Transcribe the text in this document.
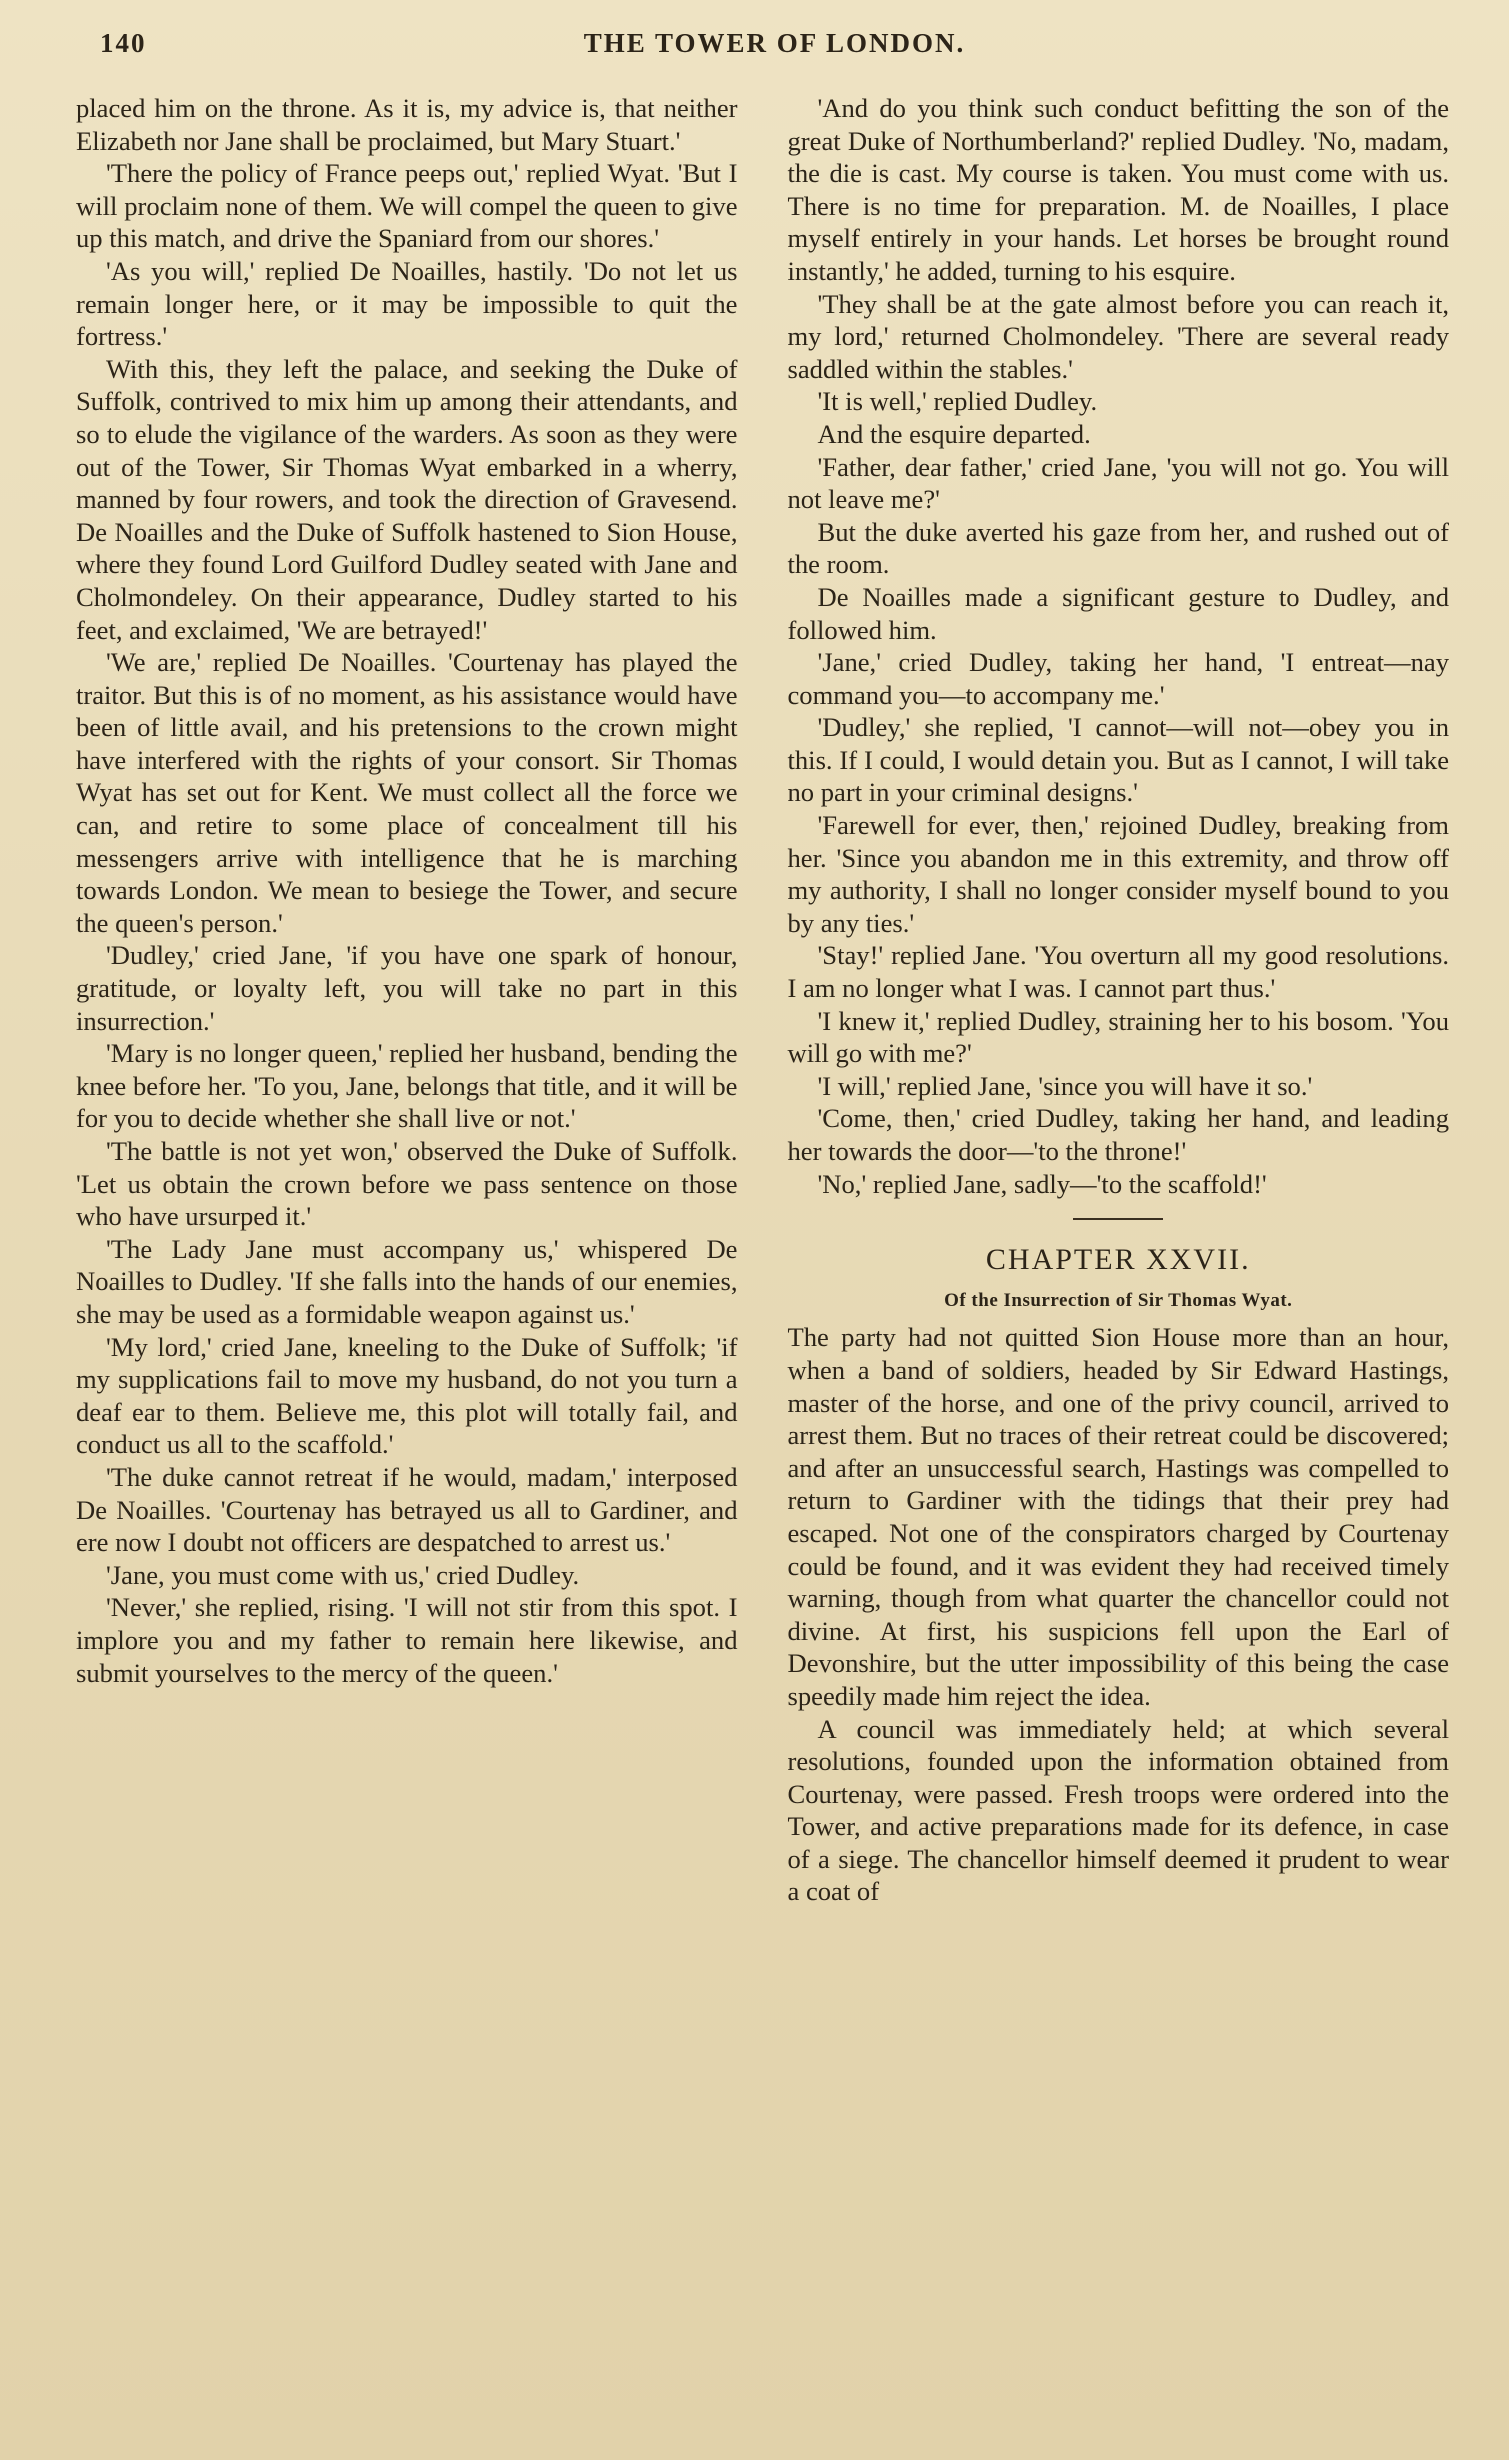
140	THE TOWER OF LONDON.

placed him on the throne. As it is, my advice is, that neither Elizabeth nor Jane shall be proclaimed, but Mary Stuart.'

'There the policy of France peeps out,' replied Wyat. 'But I will proclaim none of them. We will compel the queen to give up this match, and drive the Spaniard from our shores.'

'As you will,' replied De Noailles, hastily. 'Do not let us remain longer here, or it may be impossible to quit the fortress.'

With this, they left the palace, and seeking the Duke of Suffolk, contrived to mix him up among their attendants, and so to elude the vigilance of the warders. As soon as they were out of the Tower, Sir Thomas Wyat embarked in a wherry, manned by four rowers, and took the direction of Gravesend. De Noailles and the Duke of Suffolk hastened to Sion House, where they found Lord Guilford Dudley seated with Jane and Cholmondeley. On their appearance, Dudley started to his feet, and exclaimed, 'We are betrayed!'

'We are,' replied De Noailles. 'Courtenay has played the traitor. But this is of no moment, as his assistance would have been of little avail, and his pretensions to the crown might have interfered with the rights of your consort. Sir Thomas Wyat has set out for Kent. We must collect all the force we can, and retire to some place of concealment till his messengers arrive with intelligence that he is marching towards London. We mean to besiege the Tower, and secure the queen's person.'

'Dudley,' cried Jane, 'if you have one spark of honour, gratitude, or loyalty left, you will take no part in this insurrection.'

'Mary is no longer queen,' replied her husband, bending the knee before her. 'To you, Jane, belongs that title, and it will be for you to decide whether she shall live or not.'

'The battle is not yet won,' observed the Duke of Suffolk. 'Let us obtain the crown before we pass sentence on those who have ursurped it.'

'The Lady Jane must accompany us,' whispered De Noailles to Dudley. 'If she falls into the hands of our enemies, she may be used as a formidable weapon against us.'

'My lord,' cried Jane, kneeling to the Duke of Suffolk; 'if my supplications fail to move my husband, do not you turn a deaf ear to them. Believe me, this plot will totally fail, and conduct us all to the scaffold.'

'The duke cannot retreat if he would, madam,' interposed De Noailles. 'Courtenay has betrayed us all to Gardiner, and ere now I doubt not officers are despatched to arrest us.'

'Jane, you must come with us,' cried Dudley.

'Never,' she replied, rising. 'I will not stir from this spot. I implore you and my father to remain here likewise, and submit yourselves to the mercy of the queen.'

'And do you think such conduct befitting the son of the great Duke of Northumberland?' replied Dudley. 'No, madam, the die is cast. My course is taken. You must come with us. There is no time for preparation. M. de Noailles, I place myself entirely in your hands. Let horses be brought round instantly,' he added, turning to his esquire.

'They shall be at the gate almost before you can reach it, my lord,' returned Cholmondeley. 'There are several ready saddled within the stables.'

'It is well,' replied Dudley.

And the esquire departed.

'Father, dear father,' cried Jane, 'you will not go. You will not leave me?'

But the duke averted his gaze from her, and rushed out of the room.

De Noailles made a significant gesture to Dudley, and followed him.

'Jane,' cried Dudley, taking her hand, 'I entreat—nay command you—to accompany me.'

'Dudley,' she replied, 'I cannot—will not—obey you in this. If I could, I would detain you. But as I cannot, I will take no part in your criminal designs.'

'Farewell for ever, then,' rejoined Dudley, breaking from her. 'Since you abandon me in this extremity, and throw off my authority, I shall no longer consider myself bound to you by any ties.'

'Stay!' replied Jane. 'You overturn all my good resolutions. I am no longer what I was. I cannot part thus.'

'I knew it,' replied Dudley, straining her to his bosom. 'You will go with me?'

'I will,' replied Jane, 'since you will have it so.'

'Come, then,' cried Dudley, taking her hand, and leading her towards the door—'to the throne!'

'No,' replied Jane, sadly—'to the scaffold!'

CHAPTER XXVII.
Of the Insurrection of Sir Thomas Wyat.

The party had not quitted Sion House more than an hour, when a band of soldiers, headed by Sir Edward Hastings, master of the horse, and one of the privy council, arrived to arrest them. But no traces of their retreat could be discovered; and after an unsuccessful search, Hastings was compelled to return to Gardiner with the tidings that their prey had escaped. Not one of the conspirators charged by Courtenay could be found, and it was evident they had received timely warning, though from what quarter the chancellor could not divine. At first, his suspicions fell upon the Earl of Devonshire, but the utter impossibility of this being the case speedily made him reject the idea.

A council was immediately held; at which several resolutions, founded upon the information obtained from Courtenay, were passed. Fresh troops were ordered into the Tower, and active preparations made for its defence, in case of a siege. The chancellor himself deemed it prudent to wear a coat of
